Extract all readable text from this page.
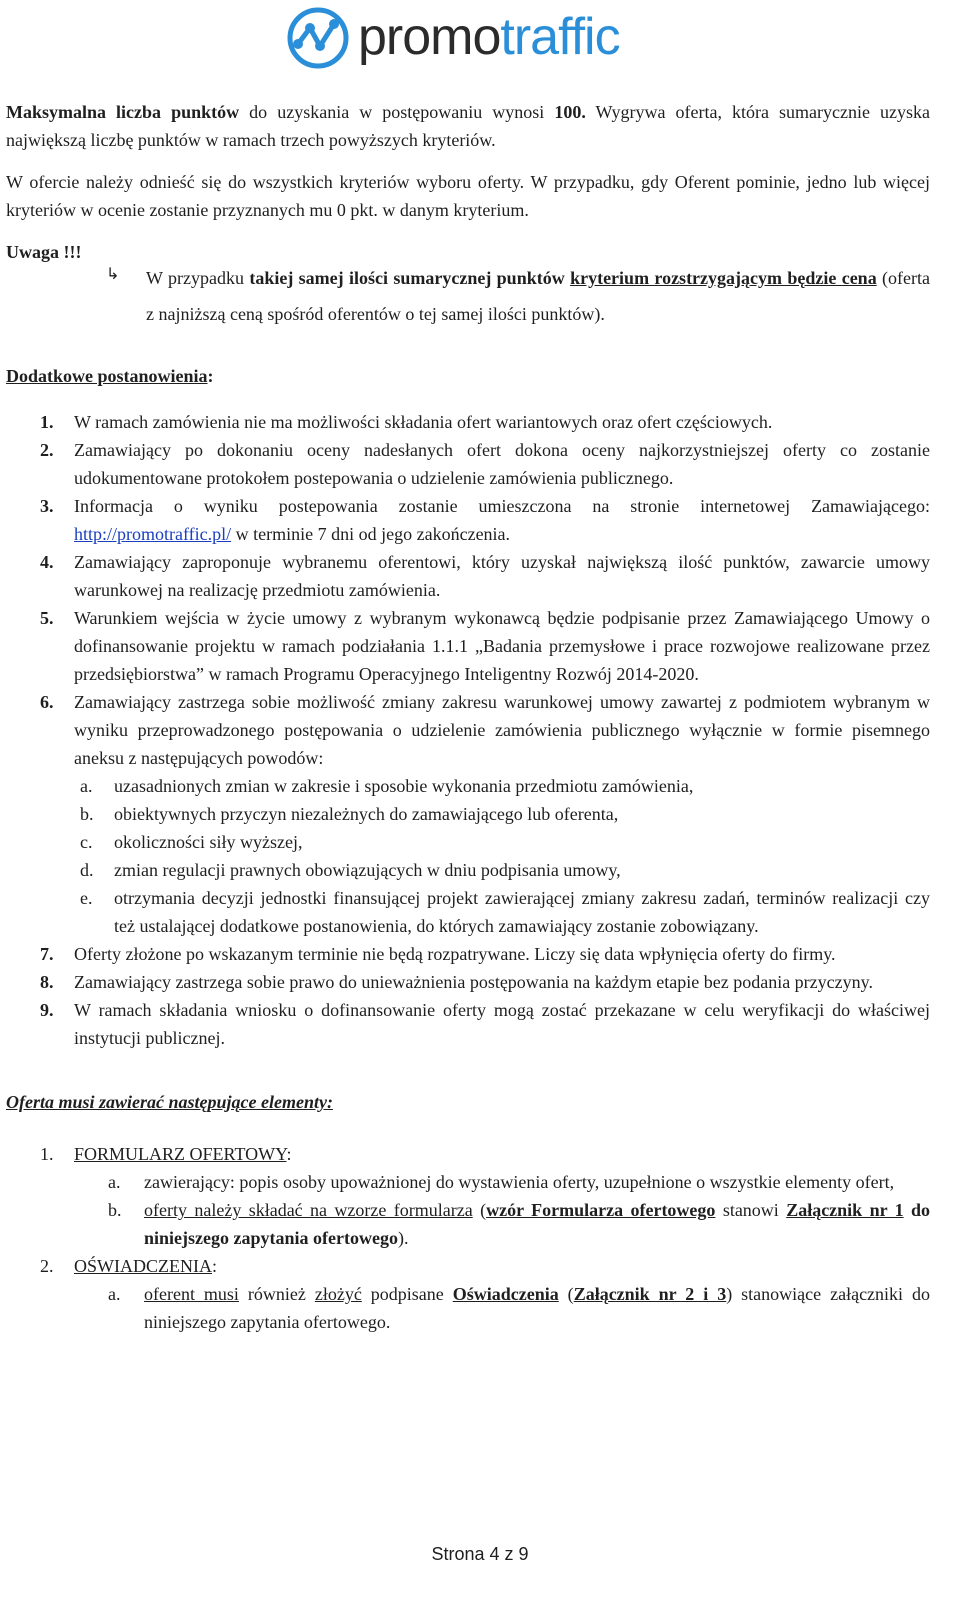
promotraffic

Maksymalna liczba punktów do uzyskania w postępowaniu wynosi 100. Wygrywa oferta, która sumarycznie uzyska największą liczbę punktów w ramach trzech powyższych kryteriów.

W ofercie należy odnieść się do wszystkich kryteriów wyboru oferty. W przypadku, gdy Oferent pominie, jedno lub więcej kryteriów w ocenie zostanie przyznanych mu 0 pkt. w danym kryterium.

Uwaga !!!
↳ W przypadku takiej samej ilości sumarycznej punktów kryterium rozstrzygającym będzie cena (oferta z najniższą ceną spośród oferentów o tej samej ilości punktów).

Dodatkowe postanowienia:
1. W ramach zamówienia nie ma możliwości składania ofert wariantowych oraz ofert częściowych.
2. Zamawiający po dokonaniu oceny nadesłanych ofert dokona oceny najkorzystniejszej oferty co zostanie udokumentowane protokołem postepowania o udzielenie zamówienia publicznego.
3. Informacja o wyniku postepowania zostanie umieszczona na stronie internetowej Zamawiającego: http://promotraffic.pl/ w terminie 7 dni od jego zakończenia.
4. Zamawiający zaproponuje wybranemu oferentowi, który uzyskał największą ilość punktów, zawarcie umowy warunkowej na realizację przedmiotu zamówienia.
5. Warunkiem wejścia w życie umowy z wybranym wykonawcą będzie podpisanie przez Zamawiającego Umowy o dofinansowanie projektu w ramach podziałania 1.1.1 „Badania przemysłowe i prace rozwojowe realizowane przez przedsiębiorstwa” w ramach Programu Operacyjnego Inteligentny Rozwój 2014-2020.
6. Zamawiający zastrzega sobie możliwość zmiany zakresu warunkowej umowy zawartej z podmiotem wybranym w wyniku przeprowadzonego postępowania o udzielenie zamówienia publicznego wyłącznie w formie pisemnego aneksu z następujących powodów:
a. uzasadnionych zmian w zakresie i sposobie wykonania przedmiotu zamówienia,
b. obiektywnych przyczyn niezależnych do zamawiającego lub oferenta,
c. okoliczności siły wyższej,
d. zmian regulacji prawnych obowiązujących w dniu podpisania umowy,
e. otrzymania decyzji jednostki finansującej projekt zawierającej zmiany zakresu zadań, terminów realizacji czy też ustalającej dodatkowe postanowienia, do których zamawiający zostanie zobowiązany.
7. Oferty złożone po wskazanym terminie nie będą rozpatrywane. Liczy się data wpłynięcia oferty do firmy.
8. Zamawiający zastrzega sobie prawo do unieważnienia postępowania na każdym etapie bez podania przyczyny.
9. W ramach składania wniosku o dofinansowanie oferty mogą zostać przekazane w celu weryfikacji do właściwej instytucji publicznej.
Oferta musi zawierać następujące elementy:
1. FORMULARZ OFERTOWY:
a. zawierający: popis osoby upoważnionej do wystawienia oferty, uzupełnione o wszystkie elementy ofert,
b. oferty należy składać na wzorze formularza (wzór Formularza ofertowego stanowi Załącznik nr 1 do niniejszego zapytania ofertowego).
2. OŚWIADCZENIA:
a. oferent musi również złożyć podpisane Oświadczenia (Załącznik nr 2 i 3) stanowiące załączniki do niniejszego zapytania ofertowego.
Strona 4 z 9
